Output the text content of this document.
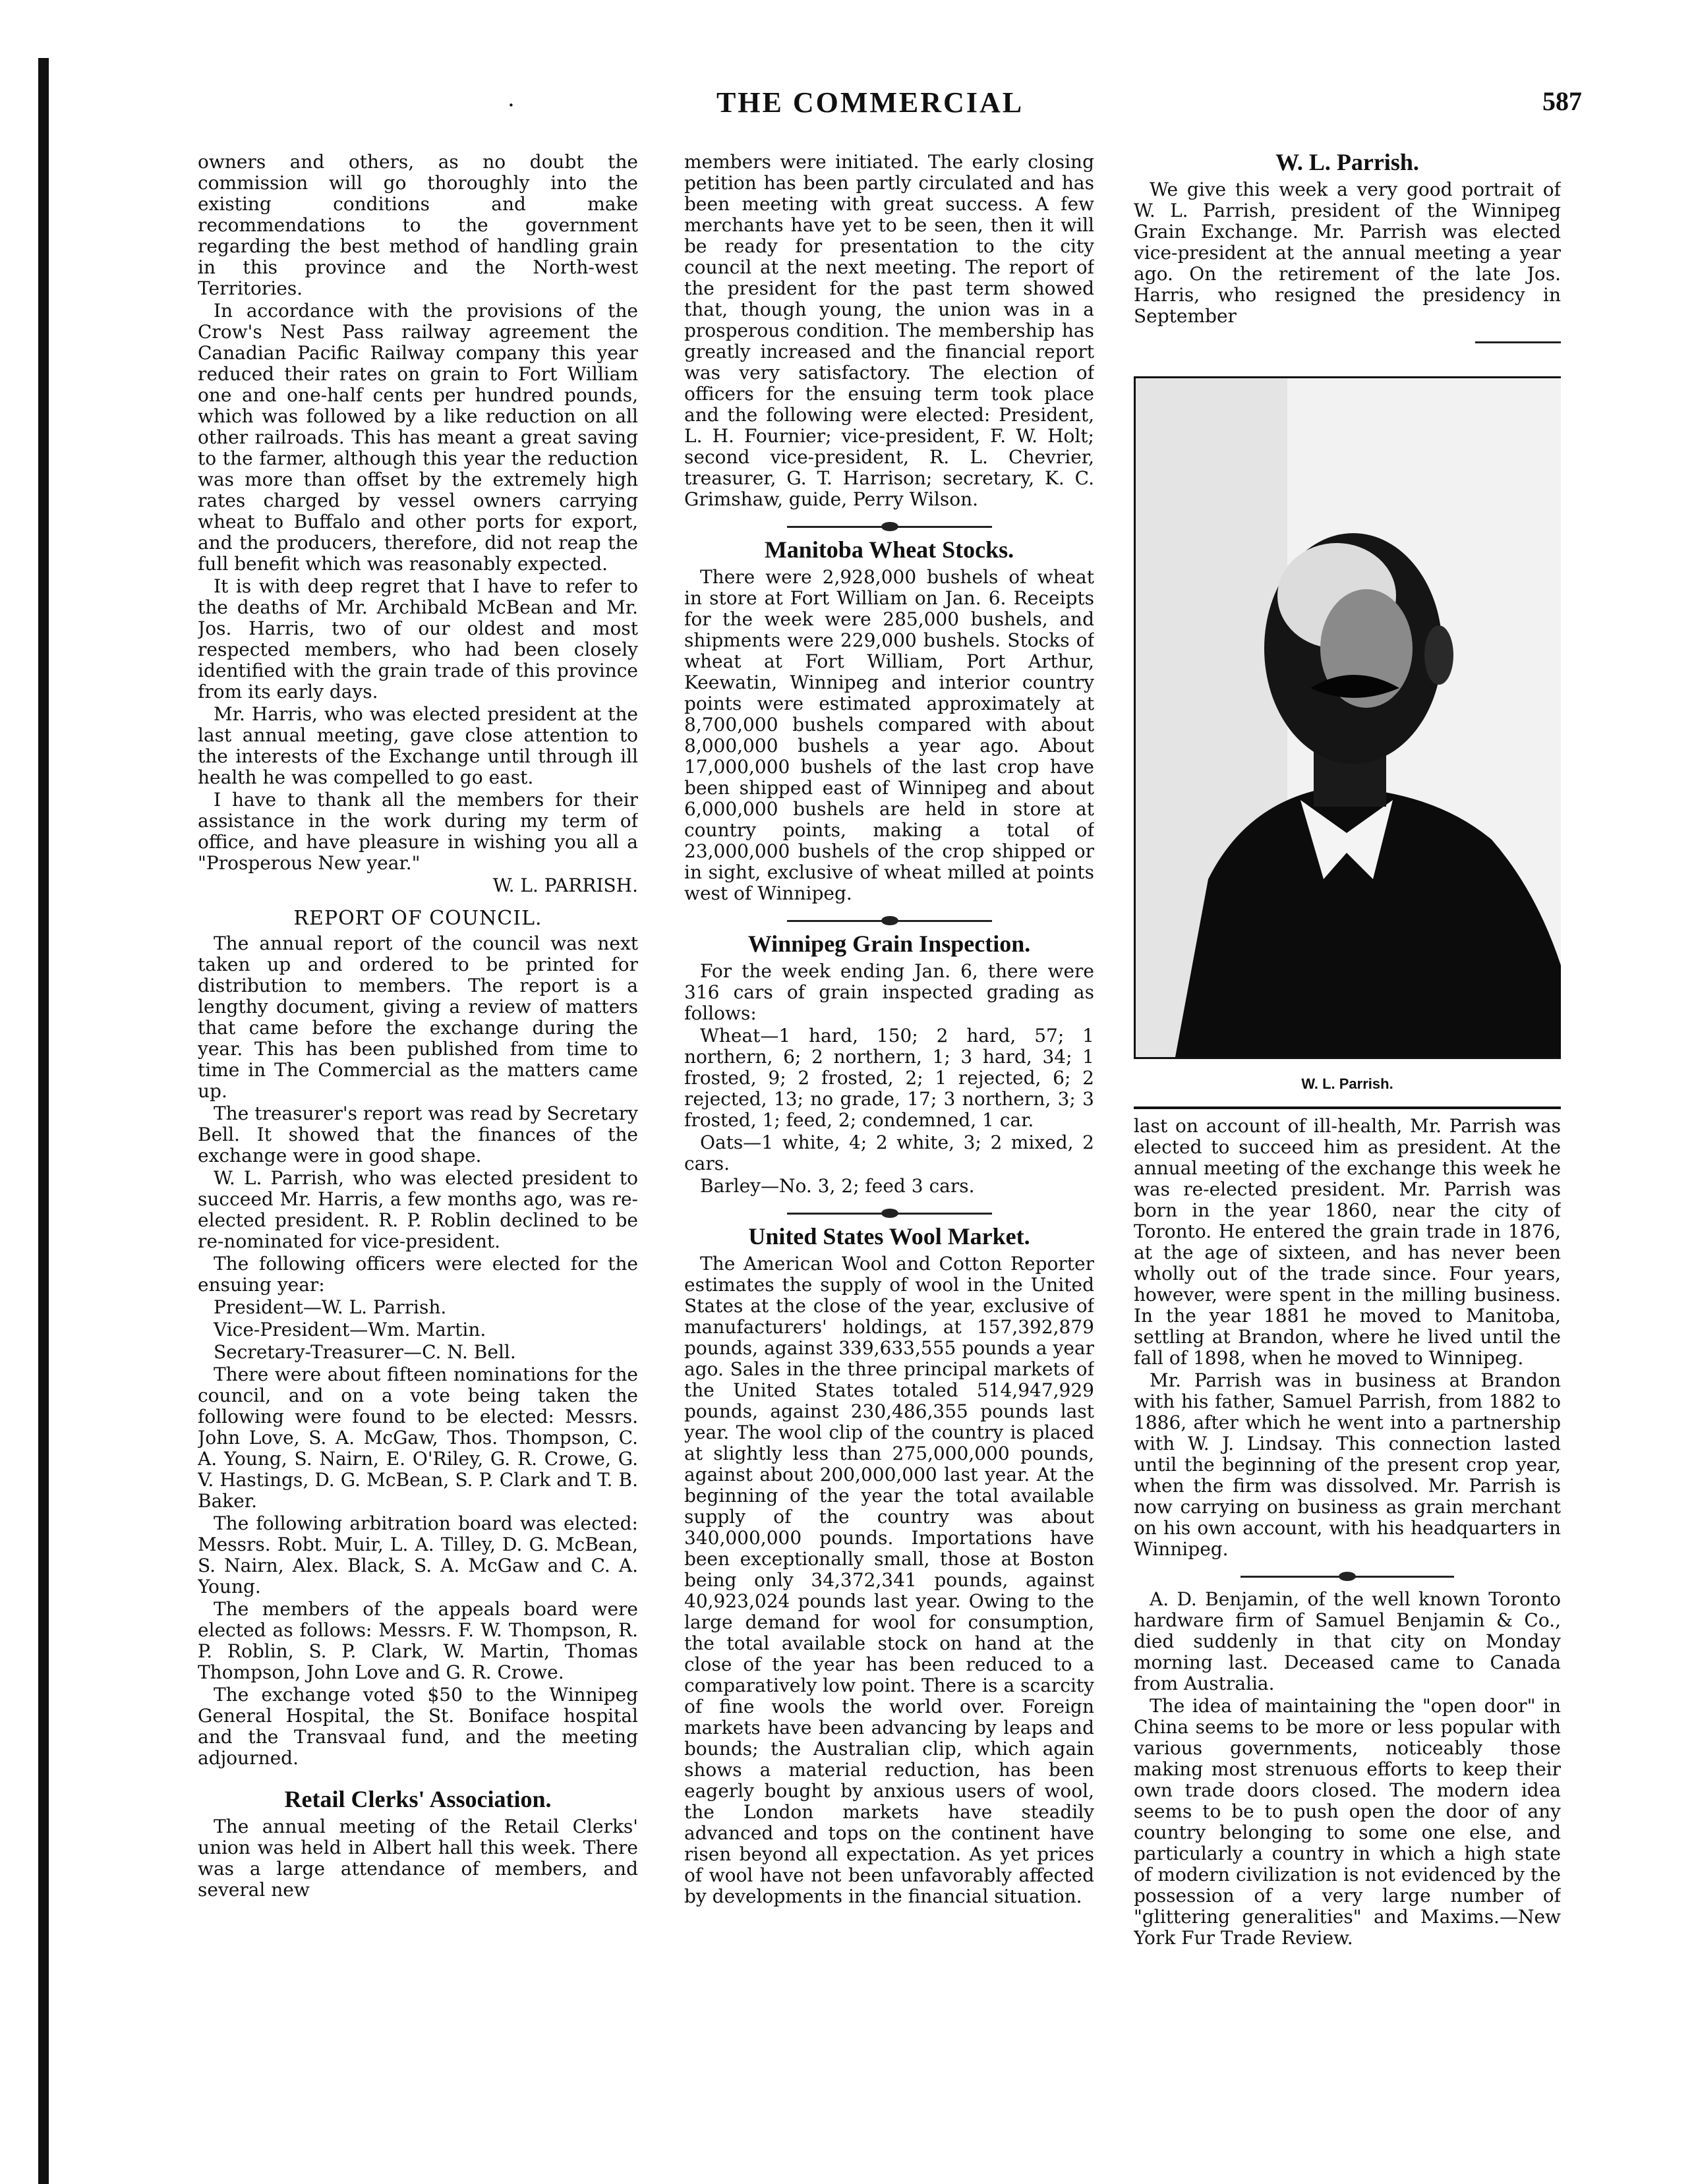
.	THE COMMERCIAL	587

owners and others, as no doubt the commission will go thoroughly into the existing conditions and make recommendations to the government regarding the best method of handling grain in this province and the North-west Territories.

In accordance with the provisions of the Crow's Nest Pass railway agreement the Canadian Pacific Railway company this year reduced their rates on grain to Fort William one and one-half cents per hundred pounds, which was followed by a like reduction on all other railroads. This has meant a great saving to the farmer, although this year the reduction was more than offset by the extremely high rates charged by vessel owners carrying wheat to Buffalo and other ports for export, and the producers, therefore, did not reap the full benefit which was reasonably expected.

It is with deep regret that I have to refer to the deaths of Mr. Archibald McBean and Mr. Jos. Harris, two of our oldest and most respected members, who had been closely identified with the grain trade of this province from its early days.

Mr. Harris, who was elected president at the last annual meeting, gave close attention to the interests of the Exchange until through ill health he was compelled to go east.

I have to thank all the members for their assistance in the work during my term of office, and have pleasure in wishing you all a "Prosperous New year."

W. L. PARRISH.

REPORT OF COUNCIL.

The annual report of the council was next taken up and ordered to be printed for distribution to members. The report is a lengthy document, giving a review of matters that came before the exchange during the year. This has been published from time to time in The Commercial as the matters came up.

The treasurer's report was read by Secretary Bell. It showed that the finances of the exchange were in good shape.

W. L. Parrish, who was elected president to succeed Mr. Harris, a few months ago, was re-elected president. R. P. Roblin declined to be re-nominated for vice-president.

The following officers were elected for the ensuing year:

President—W. L. Parrish.

Vice-President—Wm. Martin.

Secretary-Treasurer—C. N. Bell.

There were about fifteen nominations for the council, and on a vote being taken the following were found to be elected: Messrs. John Love, S. A. McGaw, Thos. Thompson, C. A. Young, S. Nairn, E. O'Riley, G. R. Crowe, G. V. Hastings, D. G. McBean, S. P. Clark and T. B. Baker.

The following arbitration board was elected: Messrs. Robt. Muir, L. A. Tilley, D. G. McBean, S. Nairn, Alex. Black, S. A. McGaw and C. A. Young.

The members of the appeals board were elected as follows: Messrs. F. W. Thompson, R. P. Roblin, S. P. Clark, W. Martin, Thomas Thompson, John Love and G. R. Crowe.

The exchange voted $50 to the Winnipeg General Hospital, the St. Boniface hospital and the Transvaal fund, and the meeting adjourned.

Retail Clerks' Association.

The annual meeting of the Retail Clerks' union was held in Albert hall this week. There was a large attendance of members, and several new

members were initiated. The early closing petition has been partly circulated and has been meeting with great success. A few merchants have yet to be seen, then it will be ready for presentation to the city council at the next meeting. The report of the president for the past term showed that, though young, the union was in a prosperous condition. The membership has greatly increased and the financial report was very satisfactory. The election of officers for the ensuing term took place and the following were elected: President, L. H. Fournier; vice-president, F. W. Holt; second vice-president, R. L. Chevrier, treasurer, G. T. Harrison; secretary, K. C. Grimshaw, guide, Perry Wilson.

Manitoba Wheat Stocks.

There were 2,928,000 bushels of wheat in store at Fort William on Jan. 6. Receipts for the week were 285,000 bushels, and shipments were 229,000 bushels. Stocks of wheat at Fort William, Port Arthur, Keewatin, Winnipeg and interior country points were estimated approximately at 8,700,000 bushels compared with about 8,000,000 bushels a year ago. About 17,000,000 bushels of the last crop have been shipped east of Winnipeg and about 6,000,000 bushels are held in store at country points, making a total of 23,000,000 bushels of the crop shipped or in sight, exclusive of wheat milled at points west of Winnipeg.

Winnipeg Grain Inspection.

For the week ending Jan. 6, there were 316 cars of grain inspected grading as follows:

Wheat—1 hard, 150; 2 hard, 57; 1 northern, 6; 2 northern, 1; 3 hard, 34; 1 frosted, 9; 2 frosted, 2; 1 rejected, 6; 2 rejected, 13; no grade, 17; 3 northern, 3; 3 frosted, 1; feed, 2; condemned, 1 car.

Oats—1 white, 4; 2 white, 3; 2 mixed, 2 cars.

Barley—No. 3, 2; feed 3 cars.

United States Wool Market.

The American Wool and Cotton Reporter estimates the supply of wool in the United States at the close of the year, exclusive of manufacturers' holdings, at 157,392,879 pounds, against 339,633,555 pounds a year ago. Sales in the three principal markets of the United States totaled 514,947,929 pounds, against 230,486,355 pounds last year. The wool clip of the country is placed at slightly less than 275,000,000 pounds, against about 200,000,000 last year. At the beginning of the year the total available supply of the country was about 340,000,000 pounds. Importations have been exceptionally small, those at Boston being only 34,372,341 pounds, against 40,923,024 pounds last year. Owing to the large demand for wool for consumption, the total available stock on hand at the close of the year has been reduced to a comparatively low point. There is a scarcity of fine wools the world over. Foreign markets have been advancing by leaps and bounds; the Australian clip, which again shows a material reduction, has been eagerly bought by anxious users of wool, the London markets have steadily advanced and tops on the continent have risen beyond all expectation. As yet prices of wool have not been unfavorably affected by developments in the financial situation.

W. L. Parrish.

We give this week a very good portrait of W. L. Parrish, president of the Winnipeg Grain Exchange. Mr. Parrish was elected vice-president at the annual meeting a year ago. On the retirement of the late Jos. Harris, who resigned the presidency in September

W. L. Parrish.

last on account of ill-health, Mr. Parrish was elected to succeed him as president. At the annual meeting of the exchange this week he was re-elected president. Mr. Parrish was born in the year 1860, near the city of Toronto. He entered the grain trade in 1876, at the age of sixteen, and has never been wholly out of the trade since. Four years, however, were spent in the milling business. In the year 1881 he moved to Manitoba, settling at Brandon, where he lived until the fall of 1898, when he moved to Winnipeg.

Mr. Parrish was in business at Brandon with his father, Samuel Parrish, from 1882 to 1886, after which he went into a partnership with W. J. Lindsay. This connection lasted until the beginning of the present crop year, when the firm was dissolved. Mr. Parrish is now carrying on business as grain merchant on his own account, with his headquarters in Winnipeg.

A. D. Benjamin, of the well known Toronto hardware firm of Samuel Benjamin & Co., died suddenly in that city on Monday morning last. Deceased came to Canada from Australia.

The idea of maintaining the "open door" in China seems to be more or less popular with various governments, noticeably those making most strenuous efforts to keep their own trade doors closed. The modern idea seems to be to push open the door of any country belonging to some one else, and particularly a country in which a high state of modern civilization is not evidenced by the possession of a very large number of "glittering generalities" and Maxims.—New York Fur Trade Review.
